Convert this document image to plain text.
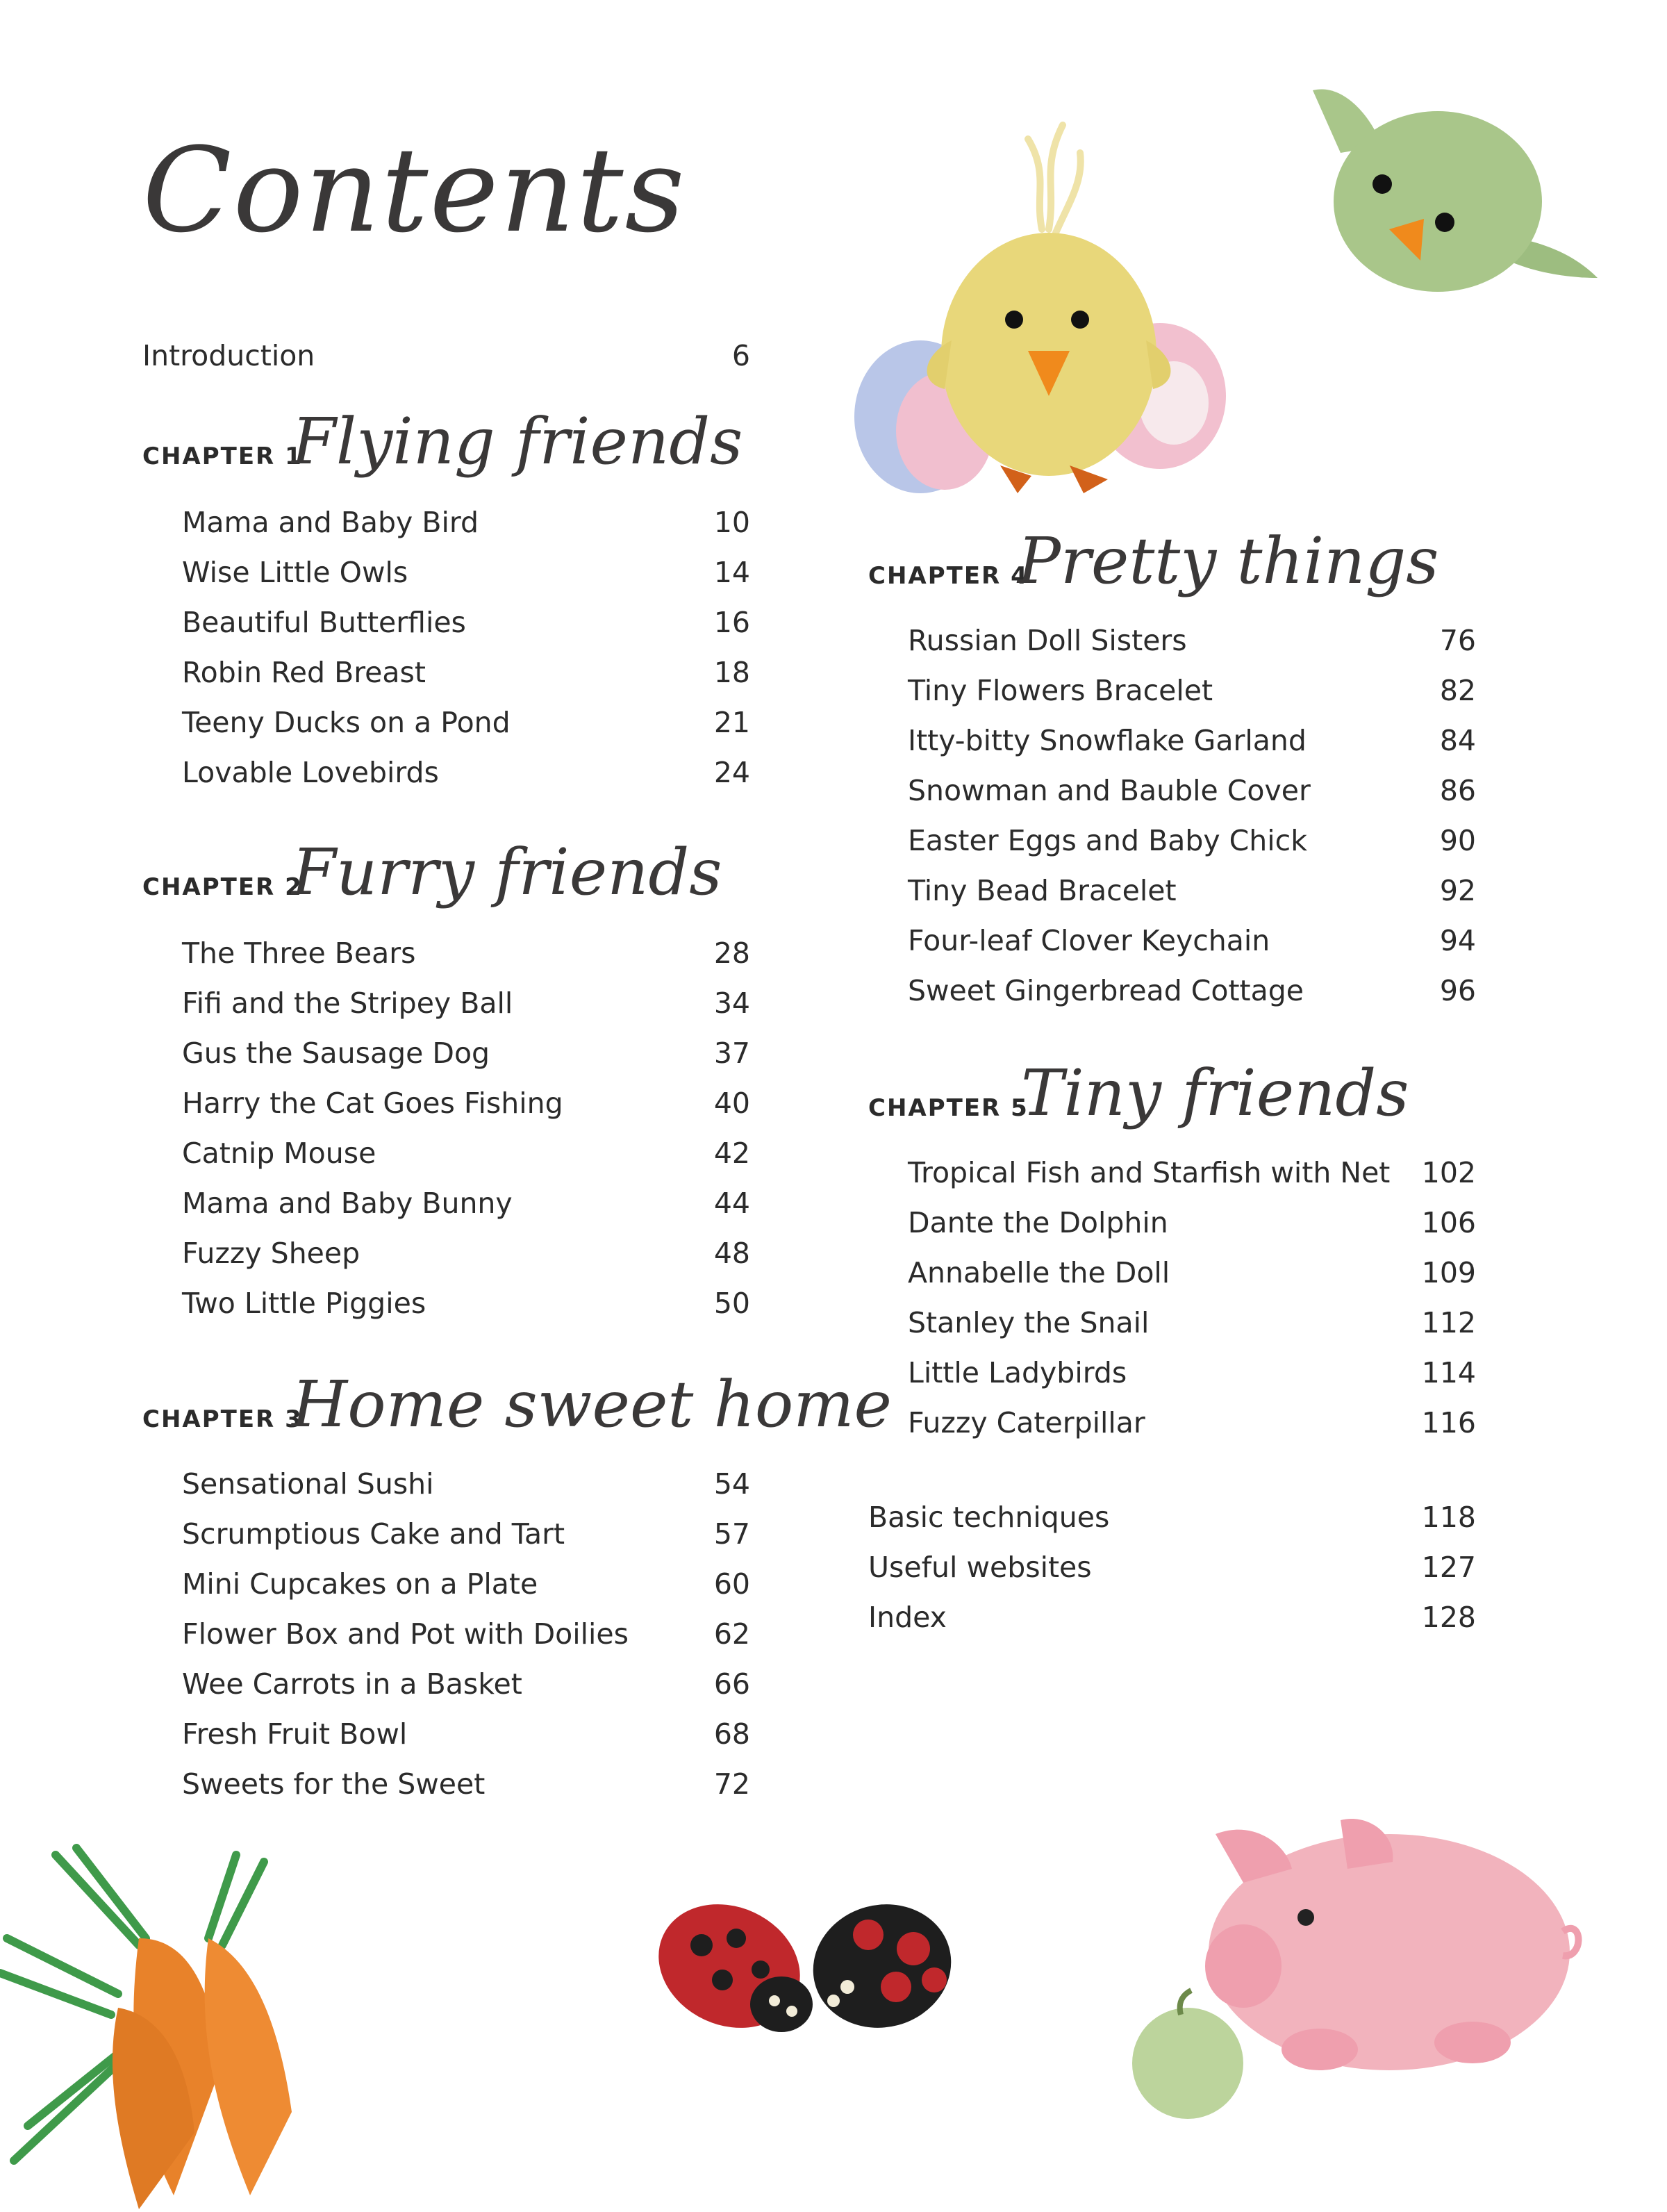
Contents
Introduction	6
CHAPTER 1
Flying friends
Mama and Baby Bird	10
Wise Little Owls	14
Beautiful Butterflies	16
Robin Red Breast	18
Teeny Ducks on a Pond	21
Lovable Lovebirds	24
CHAPTER 2
Furry friends
The Three Bears	28
Fifi and the Stripey Ball	34
Gus the Sausage Dog	37
Harry the Cat Goes Fishing	40
Catnip Mouse	42
Mama and Baby Bunny	44
Fuzzy Sheep	48
Two Little Piggies	50
CHAPTER 3
Home sweet home
Sensational Sushi	54
Scrumptious Cake and Tart	57
Mini Cupcakes on a Plate	60
Flower Box and Pot with Doilies	62
Wee Carrots in a Basket	66
Fresh Fruit Bowl	68
Sweets for the Sweet	72
CHAPTER 4
Pretty things
Russian Doll Sisters	76
Tiny Flowers Bracelet	82
Itty-bitty Snowflake Garland	84
Snowman and Bauble Cover	86
Easter Eggs and Baby Chick	90
Tiny Bead Bracelet	92
Four-leaf Clover Keychain	94
Sweet Gingerbread Cottage	96
CHAPTER 5
Tiny friends
Tropical Fish and Starfish with Net	102
Dante the Dolphin	106
Annabelle the Doll	109
Stanley the Snail	112
Little Ladybirds	114
Fuzzy Caterpillar	116
Basic techniques	118
Useful websites	127
Index	128
